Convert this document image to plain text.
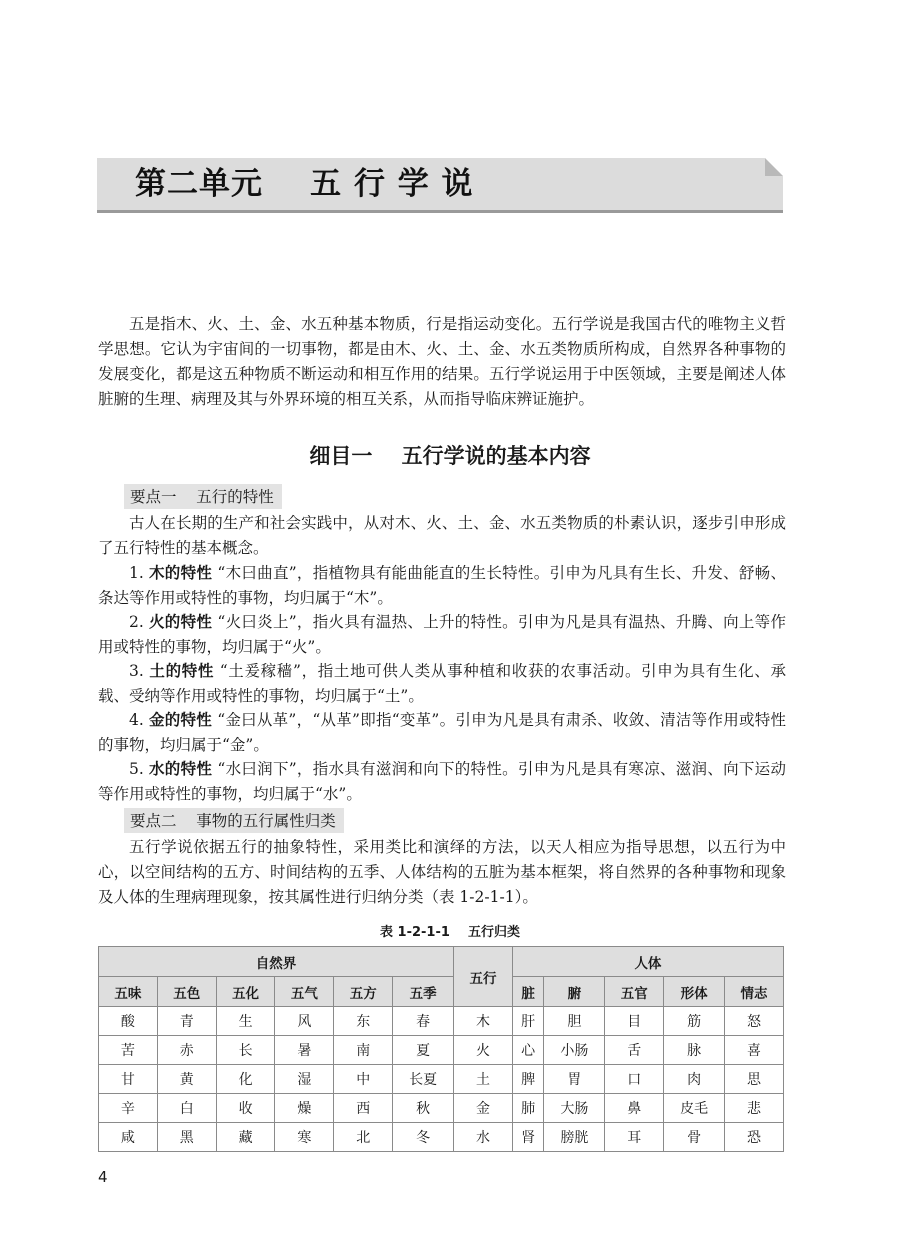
第二单元    五 行 学 说
五是指木、火、土、金、水五种基本物质，行是指运动变化。五行学说是我国古代的唯物主义哲学思想。它认为宇宙间的一切事物，都是由木、火、土、金、水五类物质所构成，自然界各种事物的发展变化，都是这五种物质不断运动和相互作用的结果。五行学说运用于中医领域，主要是阐述人体脏腑的生理、病理及其与外界环境的相互关系，从而指导临床辨证施护。
细目一    五行学说的基本内容
要点一    五行的特性
古人在长期的生产和社会实践中，从对木、火、土、金、水五类物质的朴素认识，逐步引申形成了五行特性的基本概念。
1. 木的特性 “木曰曲直”，指植物具有能曲能直的生长特性。引申为凡具有生长、升发、舒畅、条达等作用或特性的事物，均归属于“木”。
2. 火的特性 “火曰炎上”，指火具有温热、上升的特性。引申为凡是具有温热、升腾、向上等作用或特性的事物，均归属于“火”。
3. 土的特性 “土爰稼穑”，指土地可供人类从事种植和收获的农事活动。引申为具有生化、承载、受纳等作用或特性的事物，均归属于“土”。
4. 金的特性 “金曰从革”，“从革”即指“变革”。引申为凡是具有肃杀、收敛、清洁等作用或特性的事物，均归属于“金”。
5. 水的特性 “水曰润下”，指水具有滋润和向下的特性。引申为凡是具有寒凉、滋润、向下运动等作用或特性的事物，均归属于“水”。
要点二    事物的五行属性归类
五行学说依据五行的抽象特性，采用类比和演绎的方法，以天人相应为指导思想，以五行为中心，以空间结构的五方、时间结构的五季、人体结构的五脏为基本框架，将自然界的各种事物和现象及人体的生理病理现象，按其属性进行归纳分类（表 1-2-1-1）。
表 1-2-1-1    五行归类
自然界						五行	人体				
五味	五色	五化	五气	五方	五季		脏	腑	五官	形体	情志
酸	青	生	风	东	春	木	肝	胆	目	筋	怒
苦	赤	长	暑	南	夏	火	心	小肠	舌	脉	喜
甘	黄	化	湿	中	长夏	土	脾	胃	口	肉	思
辛	白	收	燥	西	秋	金	肺	大肠	鼻	皮毛	悲
咸	黑	藏	寒	北	冬	水	肾	膀胱	耳	骨	恐
4
